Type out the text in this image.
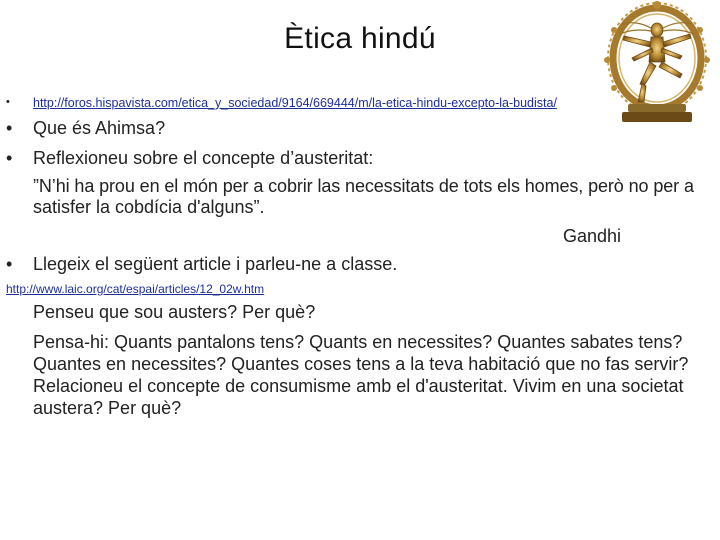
Ètica hindú
• http://foros.hispavista.com/etica_y_sociedad/9164/669444/m/la-etica-hindu-excepto-la-budista/
• Que és Ahimsa?
• Reflexioneu sobre el concepte d’austeritat:
”N’hi ha prou en el món per a cobrir las necessitats de tots els homes, però no per a
satisfer la cobdícia d'alguns”.
Gandhi
• Llegeix el següent article i parleu-ne a classe.
http://www.laic.org/cat/espai/articles/12_02w.htm
Penseu que sou austers? Per què?
Pensa-hi: Quants pantalons tens? Quants en necessites? Quantes sabates tens?
Quantes en necessites? Quantes coses tens a la teva habitació que no fas servir?
Relacioneu el concepte de consumisme amb el d'austeritat. Vivim en una societat
austera? Per què?
